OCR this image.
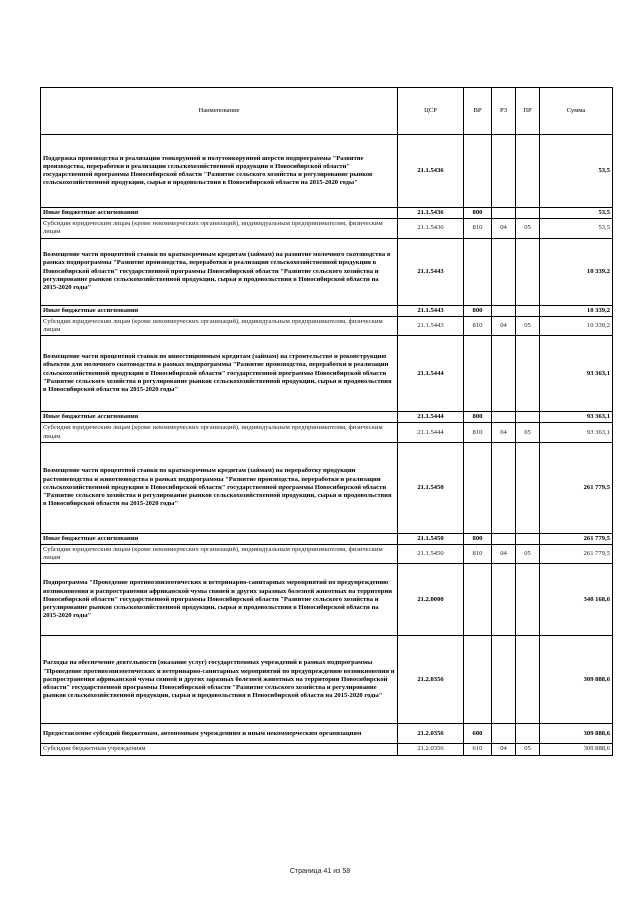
Наименование	ЦСР	ВР	РЗ	ПР	Сумма
Поддержка производства и реализации тонкорунной и полутонкорунной шерсти подпрограммы "Развитие производства, переработки и реализации сельскохозяйственной продукции в Новосибирской области" государственной программы Новосибирской области "Развитие сельского хозяйства и регулирование рынков сельскохозяйственной продукции, сырья и продовольствия в Новосибирской области на 2015-2020 годы"	21.1.5436				53,5
Иные бюджетные ассигнования	21.1.5436	800			53,5
Субсидии юридическим лицам (кроме некоммерческих организаций), индивидуальным предпринимателям, физическим лицам	21.1.5436	810	04	05	53,5
Возмещение части процентной ставки по краткосрочным кредитам (займам) на развитие молочного скотоводства в рамках подпрограммы "Развитие производства, переработки и реализации сельскохозяйственной продукции в Новосибирской области" государственной программы Новосибирской области "Развитие сельского хозяйства и регулирование рынков сельскохозяйственной продукции, сырья и продовольствия в Новосибирской области на 2015-2020 годы"	21.1.5443				10 339,2
Иные бюджетные ассигнования	21.1.5443	800			10 339,2
Субсидии юридическим лицам (кроме некоммерческих организаций), индивидуальным предпринимателям, физическим лицам	21.1.5443	810	04	05	10 339,2
Возмещение части процентной ставки по инвестиционным кредитам (займам) на строительство и реконструкцию объектов для молочного скотоводства в рамках подпрограммы "Развитие производства, переработки и реализации сельскохозяйственной продукции в Новосибирской области" государственной программы Новосибирской области "Развитие сельского хозяйства и регулирование рынков сельскохозяйственной продукции, сырья и продовольствия в Новосибирской области на 2015-2020 годы"	21.1.5444				93 363,1
Иные бюджетные ассигнования	21.1.5444	800			93 363,1
Субсидии юридическим лицам (кроме некоммерческих организаций), индивидуальным предпринимателям, физическим лицам	21.1.5444	810	04	05	93 363,1
Возмещение части процентной ставки по краткосрочным кредитам (займам) на переработку продукции растениеводства и животноводства в рамках подпрограммы "Развитие производства, переработки и реализации сельскохозяйственной продукции в Новосибирской области" государственной программы Новосибирской области "Развитие сельского хозяйства и регулирование рынков сельскохозяйственной продукции, сырья и продовольствия в Новосибирской области на 2015-2020 годы"	21.1.5450				261 779,5
Иные бюджетные ассигнования	21.1.5450	800			261 779,5
Субсидии юридическим лицам (кроме некоммерческих организаций), индивидуальным предпринимателям, физическим лицам	21.1.5450	810	04	05	261 779,5
Подпрограмма "Проведение противоэпизоотических и ветеринарно-санитарных мероприятий по предупреждению возникновения и распространения африканской чумы свиней и других заразных болезней животных на территории Новосибирской области" государственной программы Новосибирской области "Развитие сельского хозяйства и регулирование рынков сельскохозяйственной продукции, сырья и продовольствия в Новосибирской области на 2015-2020 годы"	21.2.0000				340 168,6
Расходы на обеспечение деятельности (оказание услуг) государственных учреждений в рамках подпрограммы "Проведение противоэпизоотических и ветеринарно-санитарных мероприятий по предупреждению возникновения и распространения африканской чумы свиней и других заразных болезней животных на территории Новосибирской области" государственной программы Новосибирской области "Развитие сельского хозяйства и регулирование рынков сельскохозяйственной продукции, сырья и продовольствия в Новосибирской области на 2015-2020 годы"	21.2.0356				309 888,6
Предоставление субсидий бюджетным, автономным учреждениям и иным некоммерческим организациям	21.2.0356	600			309 888,6
Субсидии бюджетным учреждениям	21.2.0356	610	04	05	309 888,6
Страница 41 из 58
